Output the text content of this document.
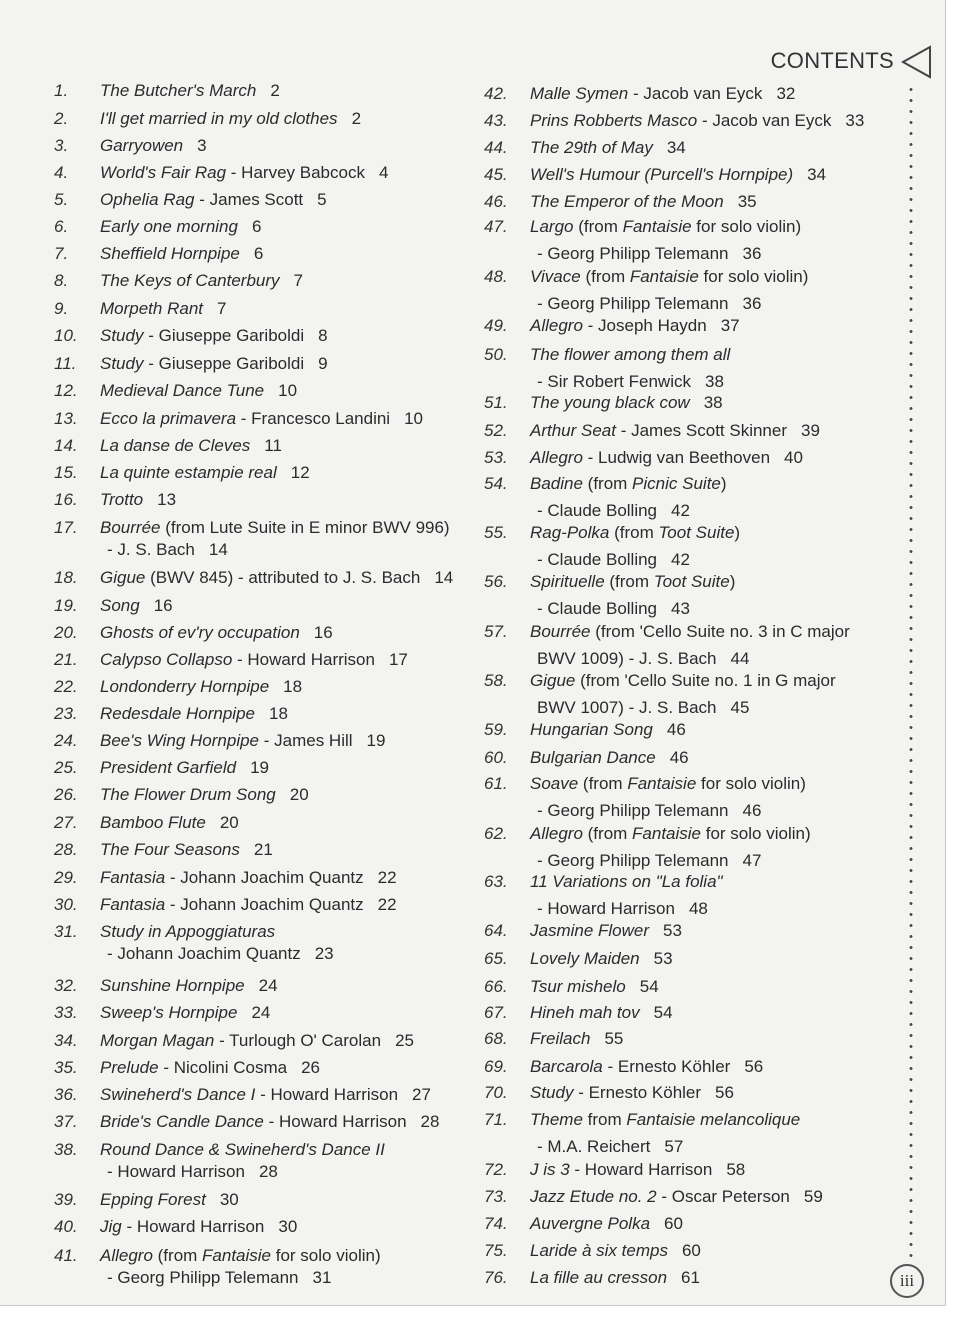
CONTENTS
iii
1.	The Butcher's March 2
2.	I'll get married in my old clothes 2
3.	Garryowen 3
4.	World's Fair Rag - Harvey Babcock 4
5.	Ophelia Rag - James Scott 5
6.	Early one morning 6
7.	Sheffield Hornpipe 6
8.	The Keys of Canterbury 7
9.	Morpeth Rant 7
10.	Study - Giuseppe Gariboldi 8
11.	Study - Giuseppe Gariboldi 9
12.	Medieval Dance Tune 10
13.	Ecco la primavera - Francesco Landini 10
14.	La danse de Cleves 11
15.	La quinte estampie real 12
16.	Trotto 13
17.	Bourrée (from Lute Suite in E minor BWV 996)
- J. S. Bach 14
18.	Gigue (BWV 845) - attributed to J. S. Bach 14
19.	Song 16
20.	Ghosts of ev'ry occupation 16
21.	Calypso Collapso - Howard Harrison 17
22.	Londonderry Hornpipe 18
23.	Redesdale Hornpipe 18
24.	Bee's Wing Hornpipe - James Hill 19
25.	President Garfield 19
26.	The Flower Drum Song 20
27.	Bamboo Flute 20
28.	The Four Seasons 21
29.	Fantasia - Johann Joachim Quantz 22
30.	Fantasia - Johann Joachim Quantz 22
31.	Study in Appoggiaturas
- Johann Joachim Quantz 23
32.	Sunshine Hornpipe 24
33.	Sweep's Hornpipe 24
34.	Morgan Magan - Turlough O' Carolan 25
35.	Prelude - Nicolini Cosma 26
36.	Swineherd's Dance I - Howard Harrison 27
37.	Bride's Candle Dance - Howard Harrison 28
38.	Round Dance & Swineherd's Dance II
- Howard Harrison 28
39.	Epping Forest 30
40.	Jig - Howard Harrison 30
41.	Allegro (from Fantaisie for solo violin)
- Georg Philipp Telemann 31
42.	Malle Symen - Jacob van Eyck 32
43.	Prins Robberts Masco - Jacob van Eyck 33
44.	The 29th of May 34
45.	Well's Humour (Purcell's Hornpipe) 34
46.	The Emperor of the Moon 35
47.	Largo (from Fantaisie for solo violin)
- Georg Philipp Telemann 36
48.	Vivace (from Fantaisie for solo violin)
- Georg Philipp Telemann 36
49.	Allegro - Joseph Haydn 37
50.	The flower among them all
- Sir Robert Fenwick 38
51.	The young black cow 38
52.	Arthur Seat - James Scott Skinner 39
53.	Allegro - Ludwig van Beethoven 40
54.	Badine (from Picnic Suite)
- Claude Bolling 42
55.	Rag-Polka (from Toot Suite)
- Claude Bolling 42
56.	Spirituelle (from Toot Suite)
- Claude Bolling 43
57.	Bourrée (from 'Cello Suite no. 3 in C major
BWV 1009) - J. S. Bach 44
58.	Gigue (from 'Cello Suite no. 1 in G major
BWV 1007) - J. S. Bach 45
59.	Hungarian Song 46
60.	Bulgarian Dance 46
61.	Soave (from Fantaisie for solo violin)
- Georg Philipp Telemann 46
62.	Allegro (from Fantaisie for solo violin)
- Georg Philipp Telemann 47
63.	11 Variations on "La folia"
- Howard Harrison 48
64.	Jasmine Flower 53
65.	Lovely Maiden 53
66.	Tsur mishelo 54
67.	Hineh mah tov 54
68.	Freilach 55
69.	Barcarola - Ernesto Köhler 56
70.	Study - Ernesto Köhler 56
71.	Theme from Fantaisie melancolique
- M.A. Reichert 57
72.	J is 3 - Howard Harrison 58
73.	Jazz Etude no. 2 - Oscar Peterson 59
74.	Auvergne Polka 60
75.	Laride à six temps 60
76.	La fille au cresson 61
